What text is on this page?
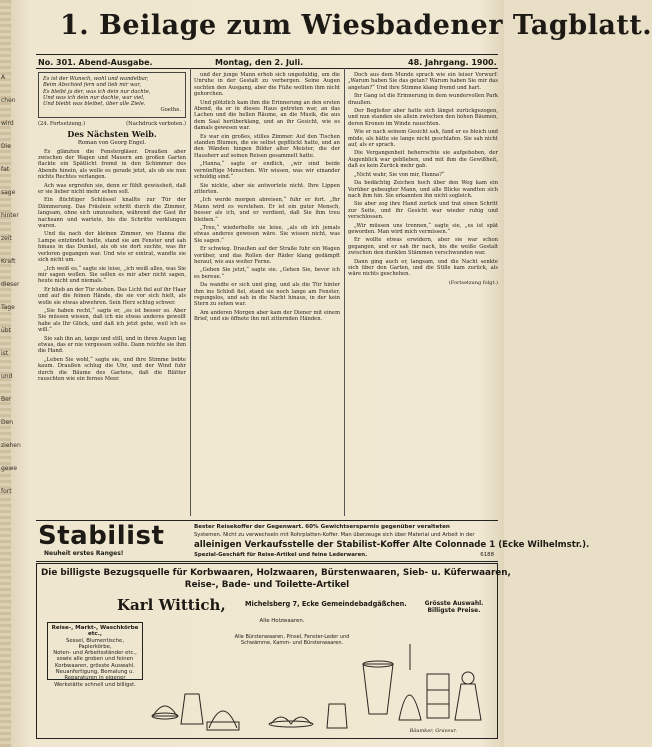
A
chen
wird
Die
fat
sage
hinter
zeit
Kraft
dieser
Tage
übt
ist
und
Ber
Den
ziehen
gewe
fort
1. Beilage zum Wiesbadener Tagblatt.
No. 301. Abend-Ausgabe.	Montag, den 2. Juli.	48. Jahrgang. 1900.
Es ist der Wunsch, wohl und wandelbar,
Beim Abschied fern und lieb mir war,
Es bleibt ja der, was ich dein nur dachte,
Und was ich dein nur dachte, war viel,
Und bleibt was bleibet, über alle Ziele.
Goethe.
(24. Fortsetzung.)	(Nachdruck verboten.)
Des Nächsten Weib.
Roman von Georg Engel.

Es glänzten die Fenstergläser. Draußen aber zwischen der Wagen und Mauern am großen Garten flackte ein Spätlicht fremd in den Schimmer des Abends hinein, als wolle es gerade jetzt, als ob sie nun nichts Rechtes verlangen.

Ach was ergreifen sie, denn er fühlt gewissheit, daß er sie lieber nicht mehr sehen soll.

Ein flüchtiger Schlüssel knallte zur Tür der Dämmerung. Das Fräulein schritt durch die Zimmer, langsam, ohne sich umzusehen, während der Gast ihr nachsann und wartete, bis die Schritte verklungen waren.

Und da nach der kleinen Zimmer, wo Hanna die Lampe entzündet hatte, stand sie am Fenster und sah hinaus in das Dunkel, als ob sie dort suchte, was ihr verloren gegangen war. Und wie er eintrat, wandte sie sich nicht um.

„Ich weiß es,“ sagte sie leise, „ich weiß alles, was Sie mir sagen wollen. Sie sollen es mir aber nicht sagen, heute nicht und niemals.“

Er blieb an der Tür stehen. Das Licht fiel auf ihr Haar und auf die feinen Hände, die sie vor sich hielt, als wolle sie etwas abwehren. Sein Herz schlug schwer.

„Sie haben recht,“ sagte er, „es ist besser so. Aber Sie müssen wissen, daß ich nie etwas anderes gewollt habe als Ihr Glück, und daß ich jetzt gehe, weil ich es will.“

Sie sah ihn an, lange und still, und in ihren Augen lag etwas, das er nie vergessen sollte. Dann reichte sie ihm die Hand.

„Leben Sie wohl,“ sagte sie, und ihre Stimme bebte kaum. Draußen schlug die Uhr, und der Wind fuhr durch die Bäume des Gartens, daß die Blätter rauschten wie ein fernes Meer.

und der junge Mann erhob sich ungeduldig, um die Unruhe in der Gestalt zu verbergen. Seine Augen suchten den Ausgang, aber die Füße wollten ihm nicht gehorchen.

Und plötzlich kam ihm die Erinnerung an den ersten Abend, da er in dieses Haus getreten war, an das Lachen und die hellen Räume, an die Musik, die aus dem Saal herüberklang, und an ihr Gesicht, wie es damals gewesen war.

Es war ein großes, stilles Zimmer. Auf den Tischen standen Blumen, die sie selbst gepflückt hatte, und an den Wänden hingen Bilder alter Meister, die der Hausherr auf seinen Reisen gesammelt hatte.

„Hanna,“ sagte er endlich, „wir sind beide vernünftige Menschen. Wir wissen, was wir einander schuldig sind.“

Sie nickte, aber sie antwortete nicht. Ihre Lippen zitterten.

„Ich werde morgen abreisen,“ fuhr er fort. „Ihr Mann wird es verstehen. Er ist ein guter Mensch, besser als ich, und er verdient, daß Sie ihm treu bleiben.“

„Treu,“ wiederholte sie leise, „als ob ich jemals etwas anderes gewesen wäre. Sie wissen nicht, was Sie sagen.“

Er schwieg. Draußen auf der Straße fuhr ein Wagen vorüber, und das Rollen der Räder klang gedämpft herauf, wie aus weiter Ferne.

„Gehen Sie jetzt,“ sagte sie. „Gehen Sie, bevor ich es bereue.“

Da wandte er sich und ging, und als die Tür hinter ihm ins Schloß fiel, stand sie noch lange am Fenster, regungslos, und sah in die Nacht hinaus, in der kein Stern zu sehen war.

Am anderen Morgen aber kam der Diener mit einem Brief, und sie öffnete ihn mit zitternden Händen.

Doch aus dem Munde sprach wie ein leiser Vorwurf: „Warum haben Sie das getan? Warum haben Sie mir das angetan?“ Und ihre Stimme klang fremd und hart.

Ihr Gang ist die Erinnerung in dem wundervollen Park draußen.

Der Begleiter aber hatte sich längst zurückgezogen, und nun standen sie allein zwischen den hohen Bäumen, deren Kronen im Winde rauschten.

Wie er nach seinem Gesicht sah, fand er es bleich und müde, als hätte sie lange nicht geschlafen. Sie sah nicht auf, als er sprach.

Die Vergangenheit beherrschte sie aufgehoben, der Augenblick war geblieben, und mit ihm die Gewißheit, daß es kein Zurück mehr gab.

„Nicht wahr, Sie von mir, Hanna?“

Da bedächtig Zeichen hoch über den Weg kam ein Vorüber gebeugter Mann, und alle Blicke wandten sich nach ihm hin. Sie erkannten ihn nicht sogleich.

Sie aber zog ihre Hand zurück und trat einen Schritt zur Seite, und ihr Gesicht war wieder ruhig und verschlossen.

„Wir müssen uns trennen,“ sagte sie, „es ist spät geworden. Man wird mich vermissen.“

Er wollte etwas erwidern, aber sie war schon gegangen, und er sah ihr nach, bis die weiße Gestalt zwischen den dunklen Stämmen verschwunden war.

Dann ging auch er, langsam, und die Nacht senkte sich über den Garten, und die Stille kam zurück, als wäre nichts geschehen.

(Fortsetzung folgt.)
Stabilist
Neuheit erstes Ranges!
Bester Reisekoffer der Gegenwart. 60% Gewichtsersparnis gegenüber veralteten
Systemen. Nicht zu verwechseln mit Rohrplatten-Koffer. Man überzeuge sich über Material und Arbeit in der
alleinigen Verkaufsstelle der Stabilist-Koffer Alte Colonnade 1 (Ecke Wilhelmstr.).
Spezial-Geschäft für Reise-Artikel und feine Lederwaren.	6188
Die billigste Bezugsquelle für Korbwaaren, Holzwaaren, Bürstenwaaren, Sieb- u. Küferwaaren,
Reise-, Bade- und Toilette-Artikel
Karl Wittich,	Michelsberg 7, Ecke Gemeindebadgäßchen.	Grösste Auswahl. Billigste Preise.
Reise-, Markt-, Waschkörbe etc.,
Sessel, Blumentische,
Papierkörbe,
Noten- und Arbeitsständer etc.,
sowie alle groben und feinen
Korbwaaren, grösste Auswahl.
Neuanfertigung, Bemalung u. Reparaturen in eigener Werkstätte schnell und billigst.
Alle Holzwaaren.
Alle Bürstenwaaren, Pinsel, Fenster-Leder und Schwämme, Kamm- und Bürstenwaaren.
Bäumker, Graveur.
